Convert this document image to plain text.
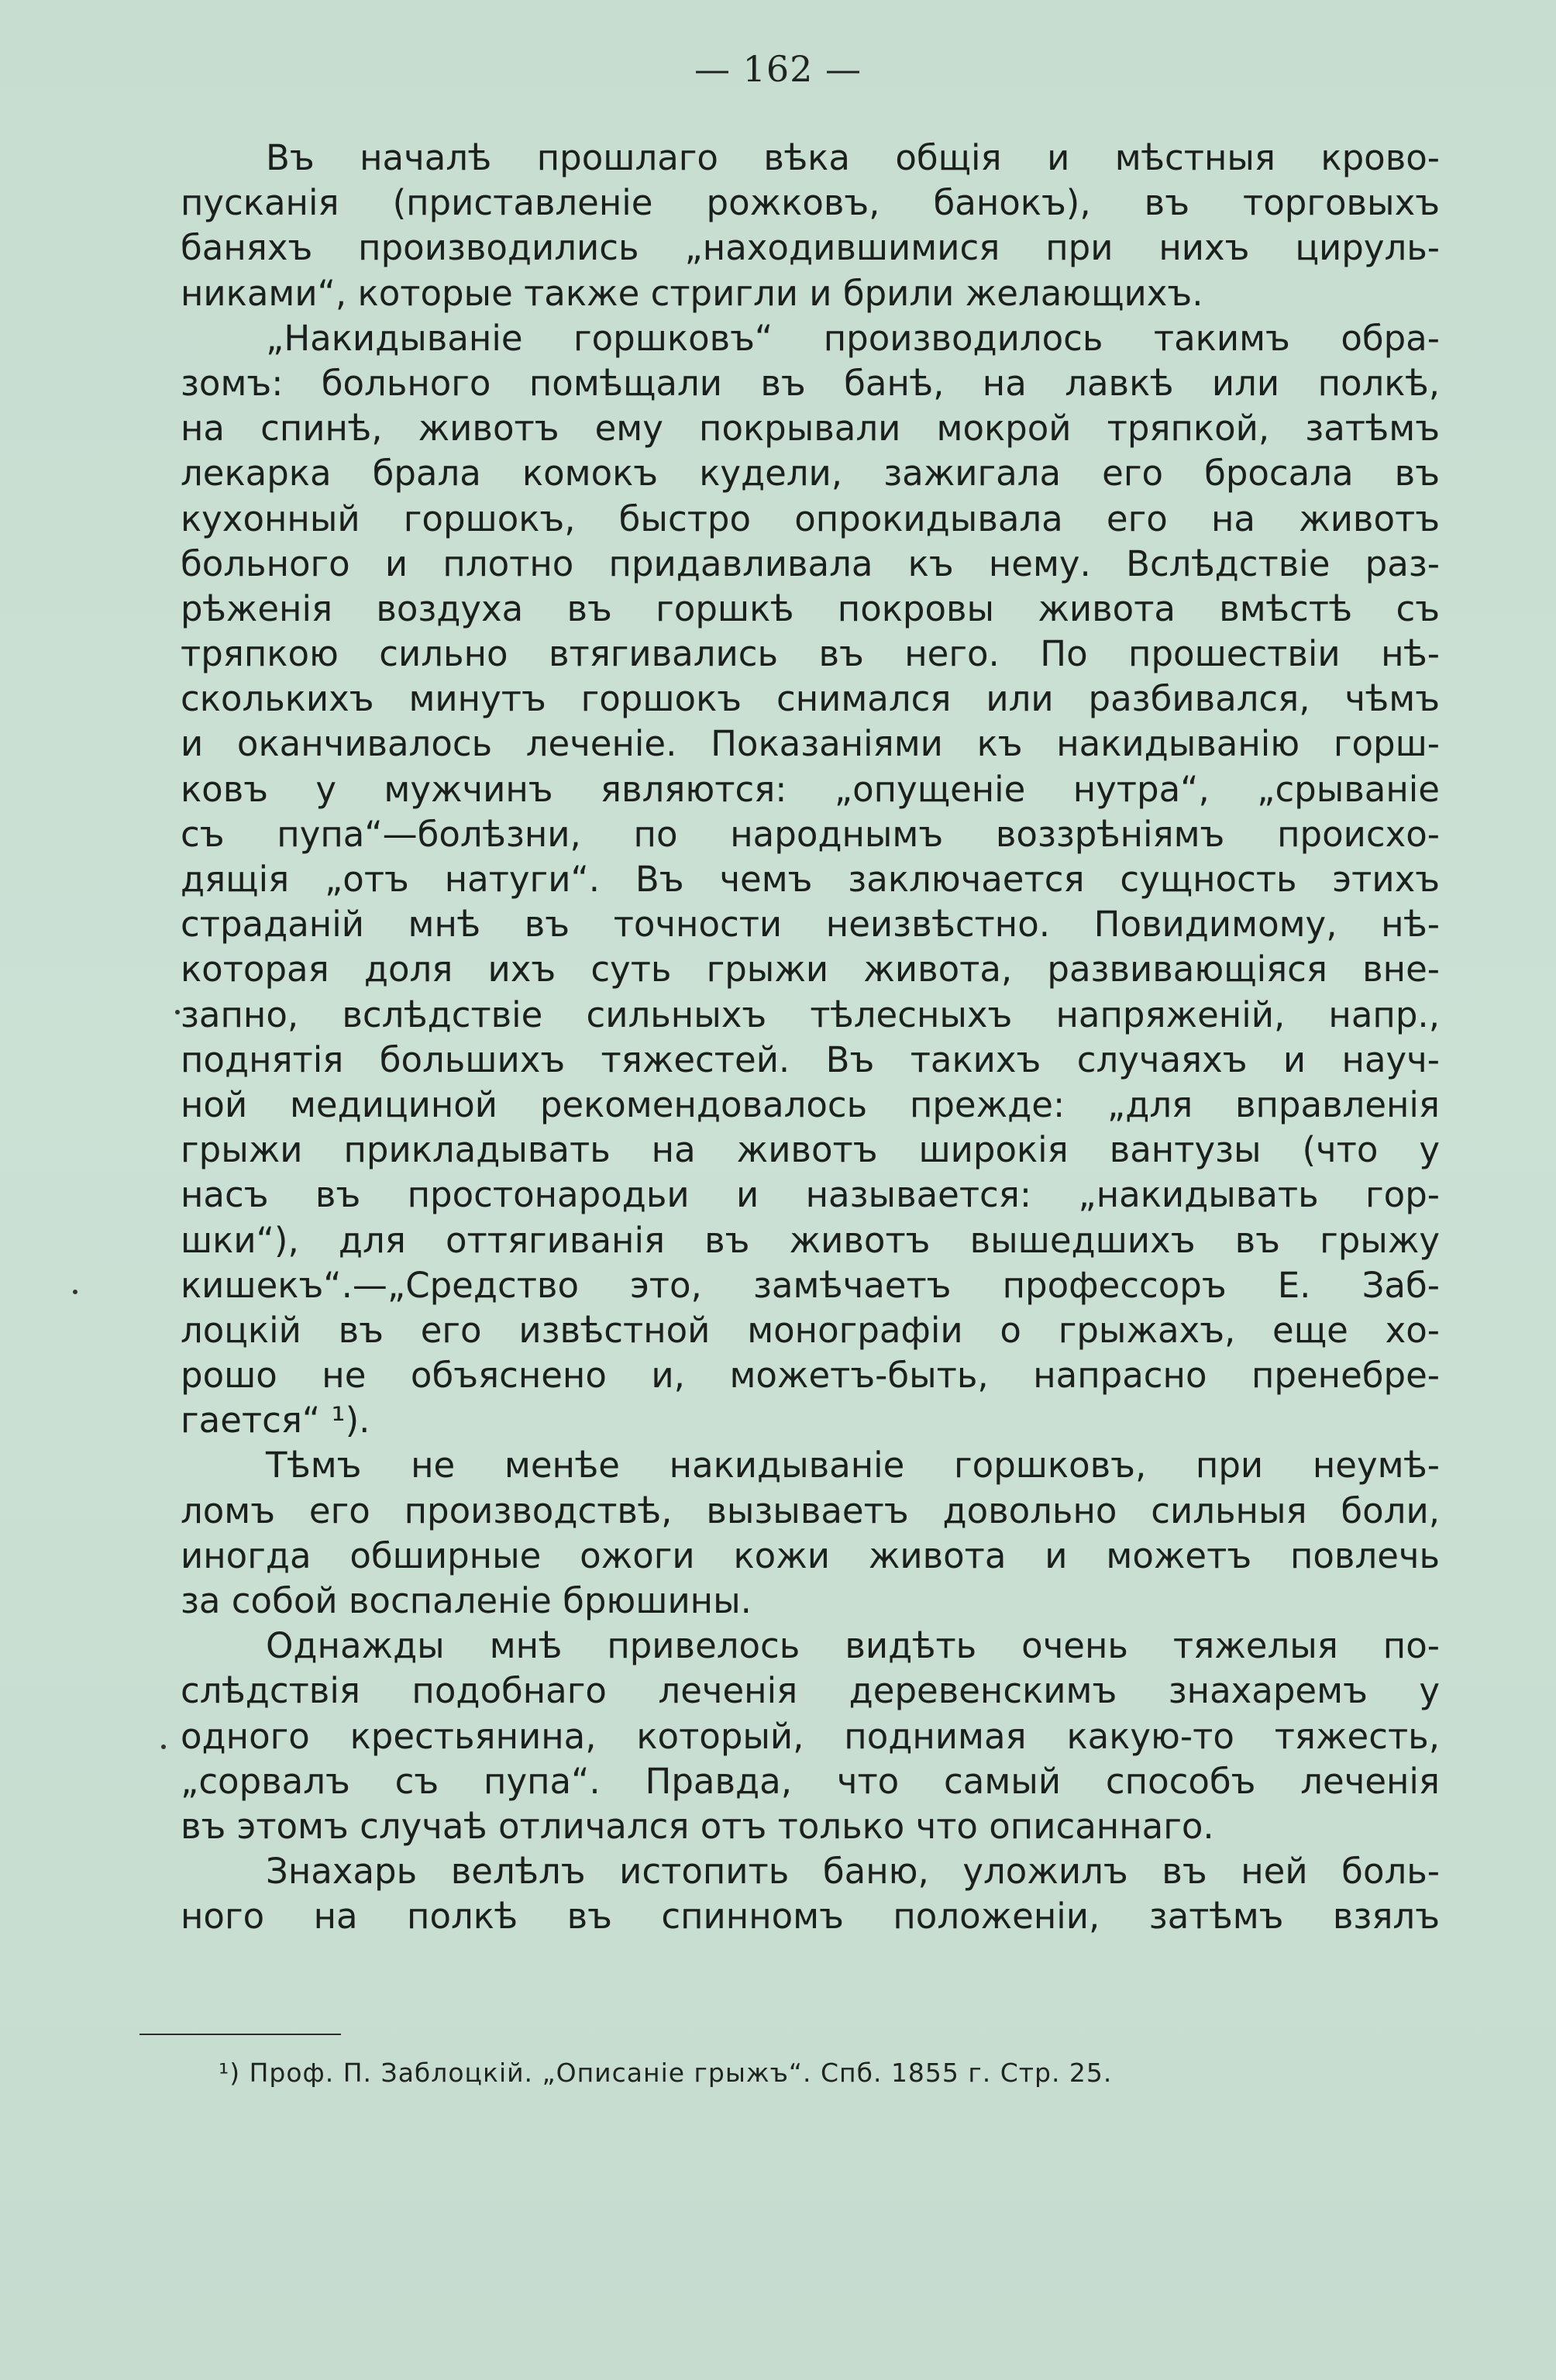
— 162 —
Въ началѣ прошлаго вѣка общія и мѣстныя крово-
пусканія (приставленіе рожковъ, банокъ), въ торговыхъ
баняхъ производились „находившимися при нихъ цируль-
никами“, которые также стригли и брили желающихъ.
„Накидываніе горшковъ“ производилось такимъ обра-
зомъ: больного помѣщали въ банѣ, на лавкѣ или полкѣ,
на спинѣ, животъ ему покрывали мокрой тряпкой, затѣмъ
лекарка брала комокъ кудели, зажигала его бросала въ
кухонный горшокъ, быстро опрокидывала его на животъ
больного и плотно придавливала къ нему. Вслѣдствіе раз-
рѣженія воздуха въ горшкѣ покровы живота вмѣстѣ съ
тряпкою сильно втягивались въ него. По прошествіи нѣ-
сколькихъ минутъ горшокъ снимался или разбивался, чѣмъ
и оканчивалось леченіе. Показаніями къ накидыванію горш-
ковъ у мужчинъ являются: „опущеніе нутра“, „срываніе
съ пупа“—болѣзни, по народнымъ воззрѣніямъ происхо-
дящія „отъ натуги“. Въ чемъ заключается сущность этихъ
страданій мнѣ въ точности неизвѣстно. Повидимому, нѣ-
которая доля ихъ суть грыжи живота, развивающіяся вне-
запно, вслѣдствіе сильныхъ тѣлесныхъ напряженій, напр.,
поднятія большихъ тяжестей. Въ такихъ случаяхъ и науч-
ной медициной рекомендовалось прежде: „для вправленія
грыжи прикладывать на животъ широкія вантузы (что у
насъ въ простонародьи и называется: „накидывать гор-
шки“), для оттягиванія въ животъ вышедшихъ въ грыжу
кишекъ“.—„Средство это, замѣчаетъ профессоръ Е. Заб-
лоцкій въ его извѣстной монографіи о грыжахъ, еще хо-
рошо не объяснено и, можетъ-быть, напрасно пренебре-
гается“ ¹).
Тѣмъ не менѣе накидываніе горшковъ, при неумѣ-
ломъ его производствѣ, вызываетъ довольно сильныя боли,
иногда обширные ожоги кожи живота и можетъ повлечь
за собой воспаленіе брюшины.
Однажды мнѣ привелось видѣть очень тяжелыя по-
слѣдствія подобнаго леченія деревенскимъ знахаремъ у
одного крестьянина, который, поднимая какую-то тяжесть,
„сорвалъ съ пупа“. Правда, что самый способъ леченія
въ этомъ случаѣ отличался отъ только что описаннаго.
Знахарь велѣлъ истопить баню, уложилъ въ ней боль-
ного на полкѣ въ спинномъ положеніи, затѣмъ взялъ
¹) Проф. П. Заблоцкій. „Описаніе грыжъ“. Спб. 1855 г. Стр. 25.
